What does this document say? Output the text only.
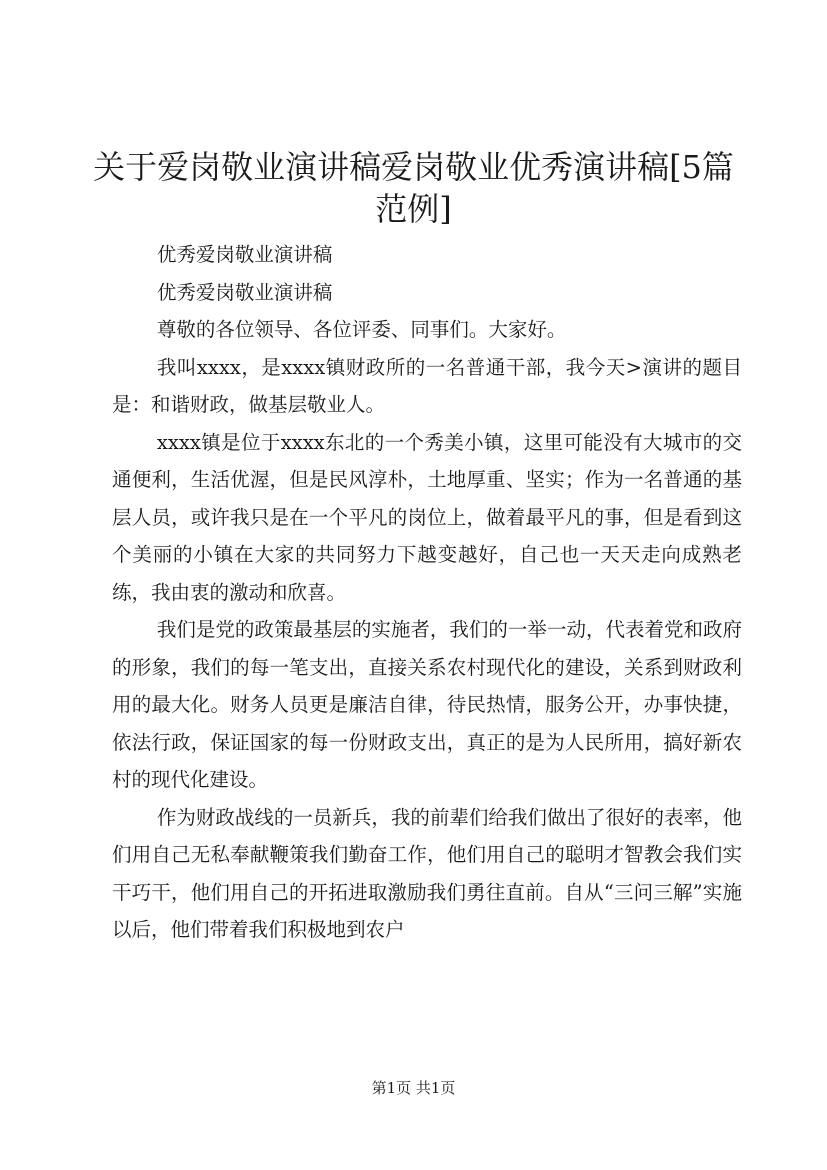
关于爱岗敬业演讲稿爱岗敬业优秀演讲稿[5篇范例]

优秀爱岗敬业演讲稿

优秀爱岗敬业演讲稿

尊敬的各位领导、各位评委、同事们。大家好。

我叫xxxx，是xxxx镇财政所的一名普通干部，我今天>演讲的题目是：和谐财政，做基层敬业人。

xxxx镇是位于xxxx东北的一个秀美小镇，这里可能没有大城市的交通便利，生活优渥，但是民风淳朴，土地厚重、坚实；作为一名普通的基层人员，或许我只是在一个平凡的岗位上，做着最平凡的事，但是看到这个美丽的小镇在大家的共同努力下越变越好，自己也一天天走向成熟老练，我由衷的激动和欣喜。

我们是党的政策最基层的实施者，我们的一举一动，代表着党和政府的形象，我们的每一笔支出，直接关系农村现代化的建设，关系到财政利用的最大化。财务人员更是廉洁自律，待民热情，服务公开，办事快捷，依法行政，保证国家的每一份财政支出，真正的是为人民所用，搞好新农村的现代化建设。

作为财政战线的一员新兵，我的前辈们给我们做出了很好的表率，他们用自己无私奉献鞭策我们勤奋工作，他们用自己的聪明才智教会我们实干巧干，他们用自己的开拓进取激励我们勇往直前。自从“三问三解”实施以后，他们带着我们积极地到农户

第1页 共1页
